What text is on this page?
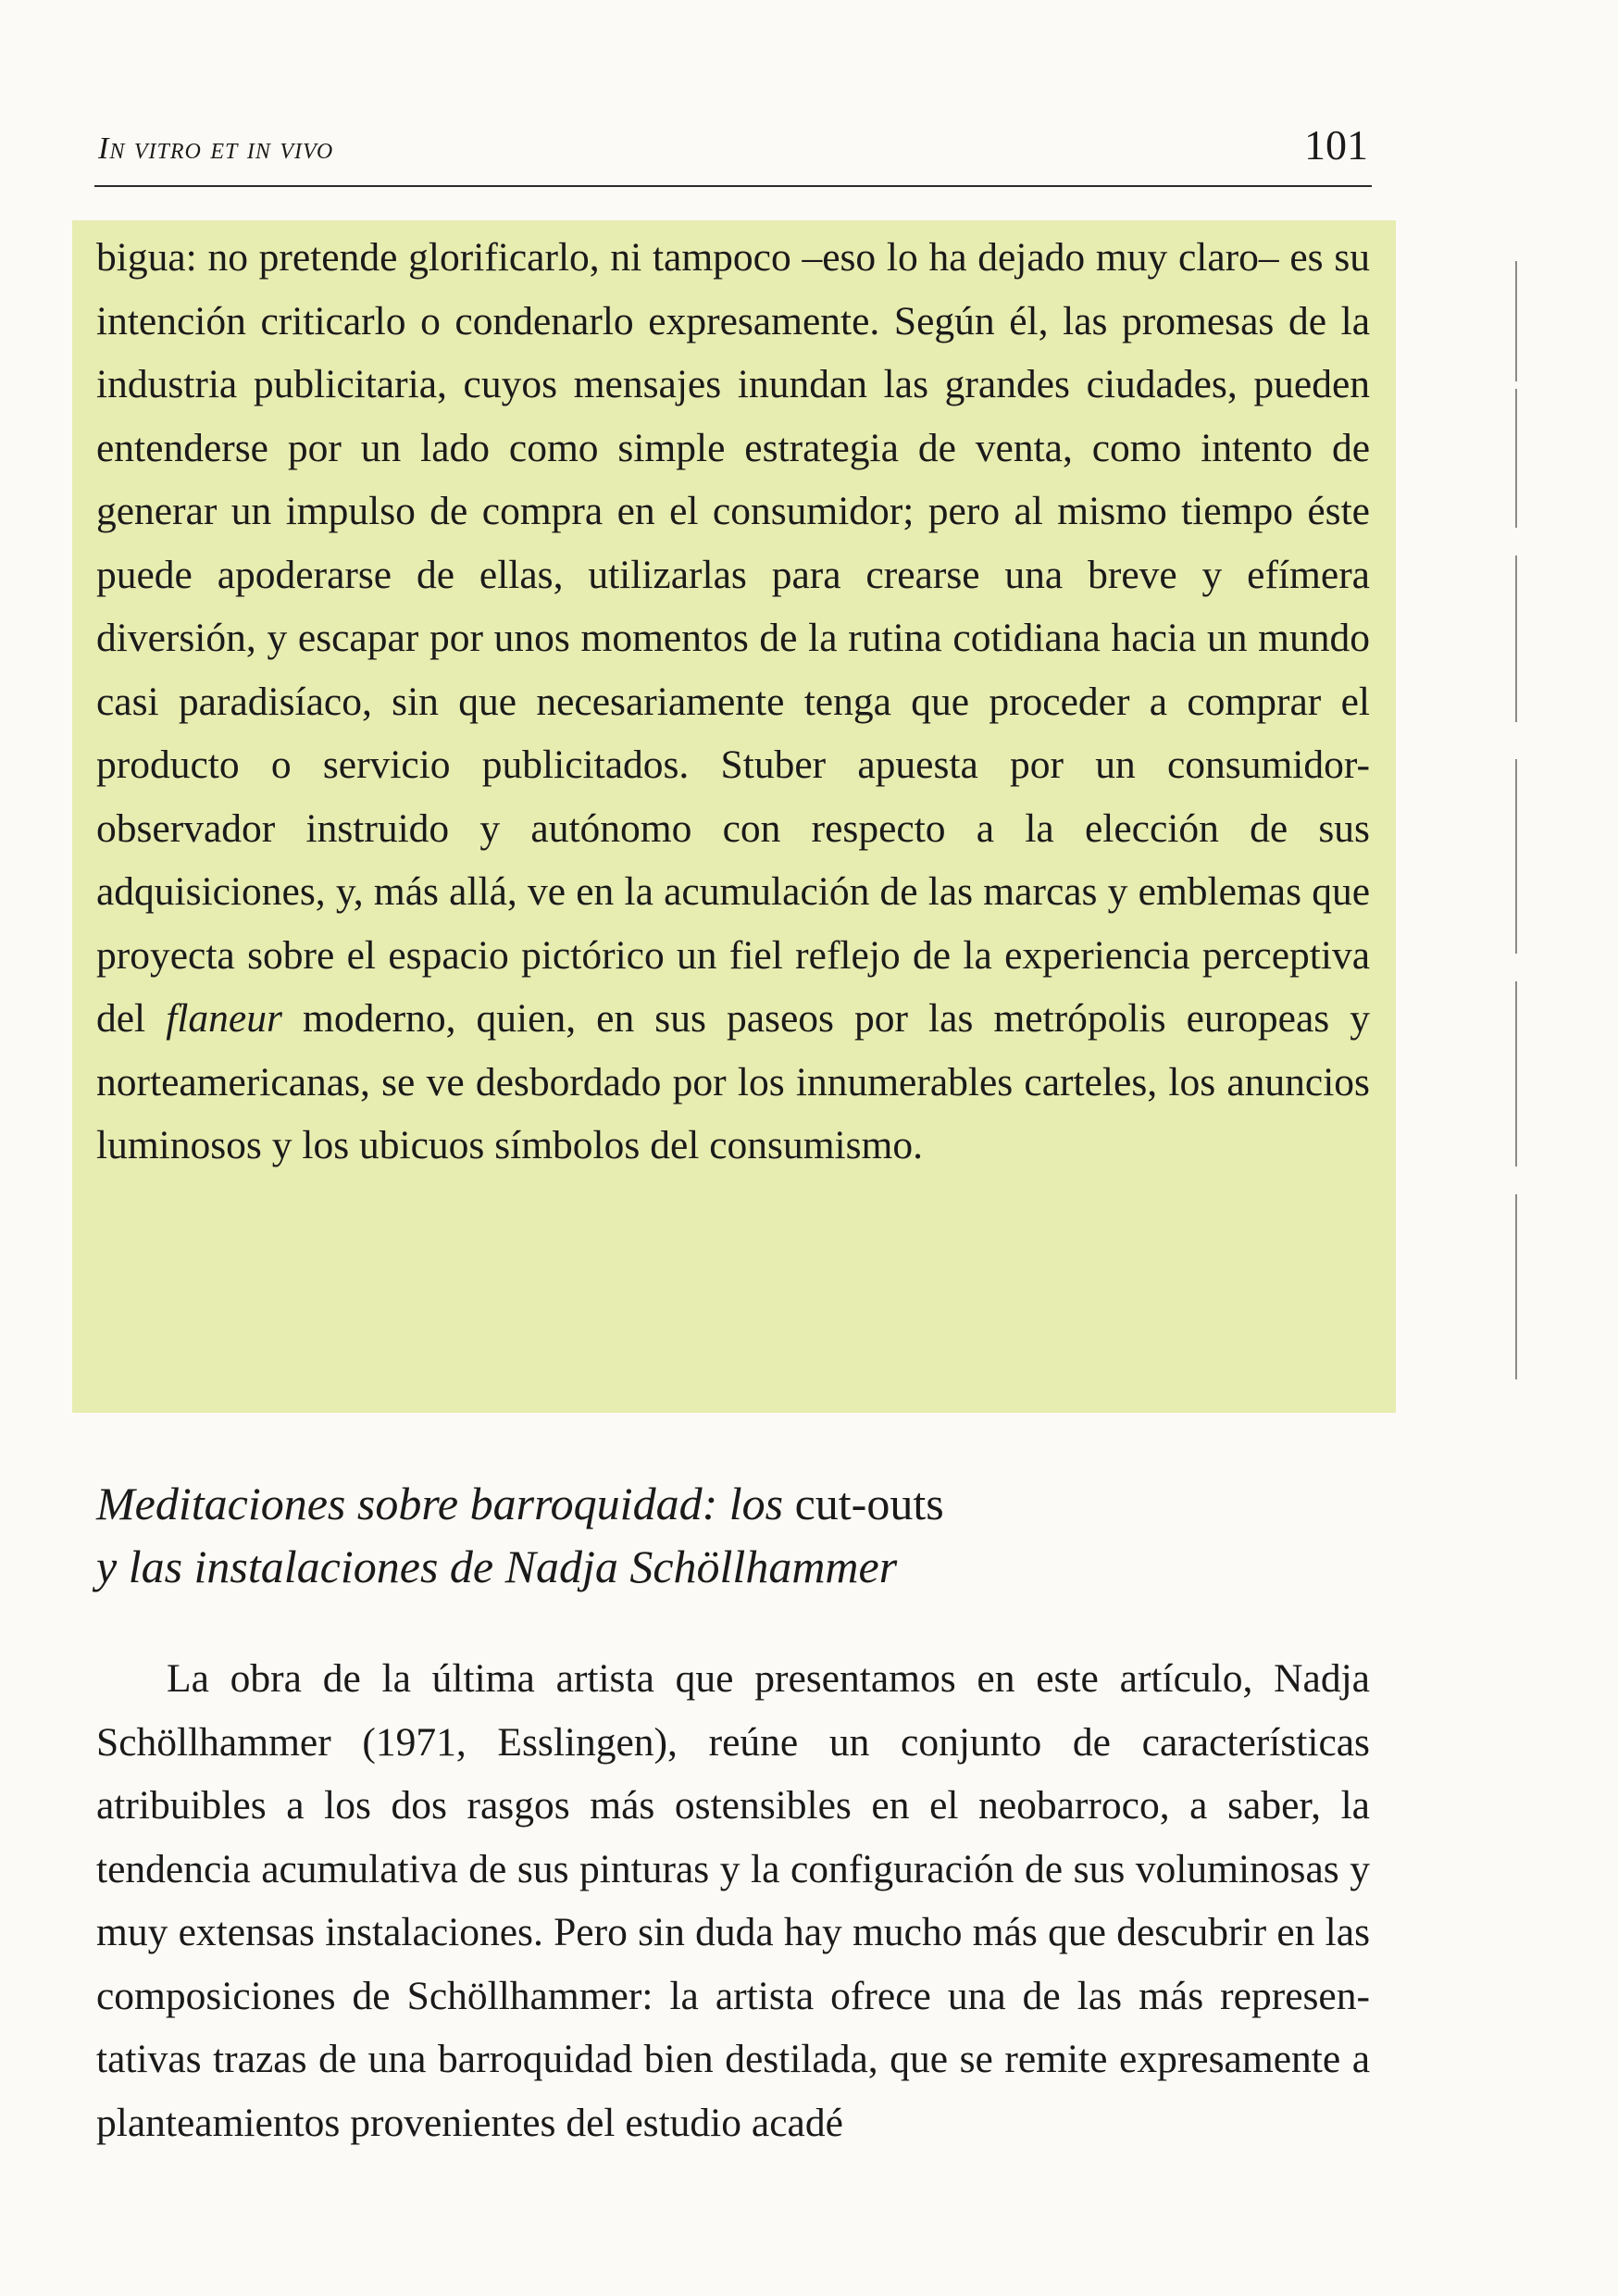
In vitro et in vivo	101

bigua: no pretende glorificarlo, ni tampoco –eso lo ha dejado muy claro– es su intención criticarlo o condenarlo expresamente. Según él, las promesas de la industria publicitaria, cuyos mensajes inundan las grandes ciudades, pueden entenderse por un lado como simple estrategia de venta, como intento de generar un impulso de compra en el consumidor; pero al mismo tiempo éste puede apoderarse de ellas, utilizarlas para crearse una breve y efímera diversión, y escapar por unos momentos de la rutina cotidiana hacia un mundo casi paradisíaco, sin que necesariamente tenga que proceder a comprar el producto o servicio publicitados. Stuber apuesta por un consumidor-observador instruido y autónomo con respecto a la elección de sus adquisiciones, y, más allá, ve en la acumulación de las marcas y emblemas que proyecta sobre el espacio pictórico un fiel reflejo de la experiencia perceptiva del flaneur moderno, quien, en sus paseos por las metrópolis europeas y norteamericanas, se ve desbordado por los innumerables carteles, los anuncios luminosos y los ubicuos símbolos del consumismo.

Meditaciones sobre barroquidad: los cut-outs
y las instalaciones de Nadja Schöllhammer

La obra de la última artista que presentamos en este artículo, Nadja Schöllhammer (1971, Esslingen), reúne un conjunto de características atribuibles a los dos rasgos más ostensibles en el neobarroco, a saber, la tendencia acumulativa de sus pinturas y la configuración de sus voluminosas y muy extensas instalaciones. Pero sin duda hay mucho más que descubrir en las composiciones de Schöllhammer: la artista ofrece una de las más representativas trazas de una barroquidad bien destilada, que se remite expresamente a planteamientos provenientes del estudio acadé
